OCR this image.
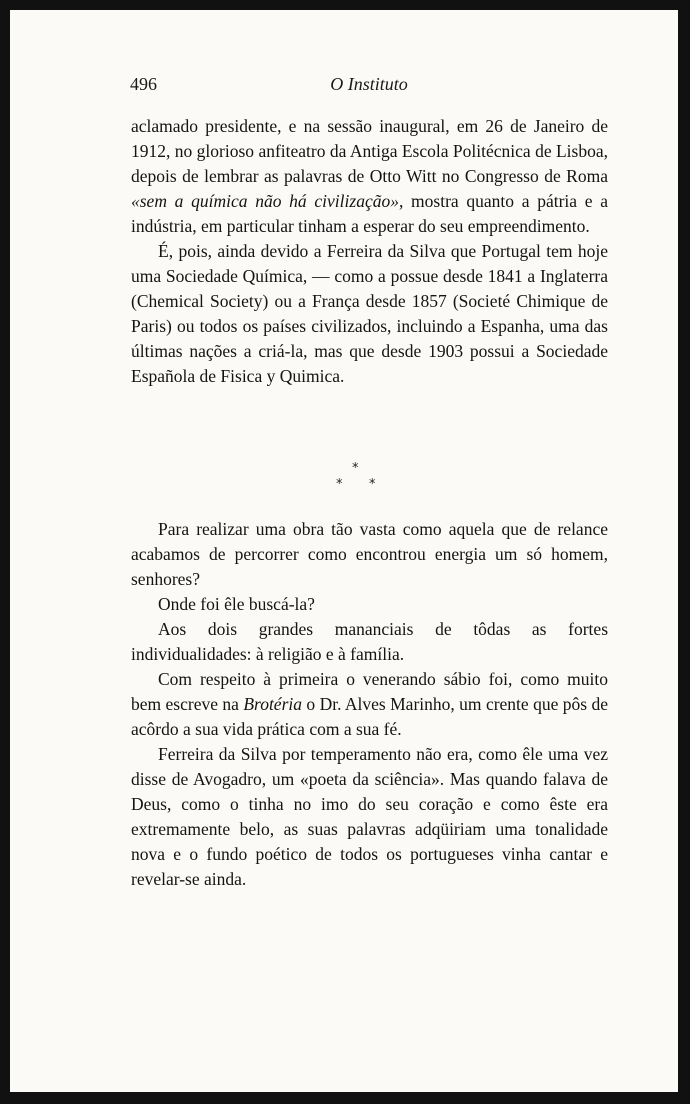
496	O Instituto

aclamado presidente, e na sessão inaugural, em 26 de Janeiro de 1912, no glorioso anfiteatro da Antiga Escola Politécnica de Lisboa, depois de lembrar as palavras de Otto Witt no Congresso de Roma «sem a química não há civilização», mostra quanto a pátria e a indústria, em particular tinham a esperar do seu empreendimento.

É, pois, ainda devido a Ferreira da Silva que Portugal tem hoje uma Sociedade Química, — como a possue desde 1841 a Inglaterra (Chemical Society) ou a França desde 1857 (Societé Chimique de Paris) ou todos os países civilizados, incluindo a Espanha, uma das últimas nações a criá-la, mas que desde 1903 possui a Sociedade Española de Fisica y Quimica.

*
* *

Para realizar uma obra tão vasta como aquela que de relance acabamos de percorrer como encontrou energia um só homem, senhores?

Onde foi êle buscá-la?

Aos dois grandes mananciais de tôdas as fortes individualidades: à religião e à família.

Com respeito à primeira o venerando sábio foi, como muito bem escreve na Brotéria o Dr. Alves Marinho, um crente que pôs de acôrdo a sua vida prática com a sua fé.

Ferreira da Silva por temperamento não era, como êle uma vez disse de Avogadro, um «poeta da sciência». Mas quando falava de Deus, como o tinha no imo do seu coração e como êste era extremamente belo, as suas palavras adqüiriam uma tonalidade nova e o fundo poético de todos os portugueses vinha cantar e revelar-se ainda.
